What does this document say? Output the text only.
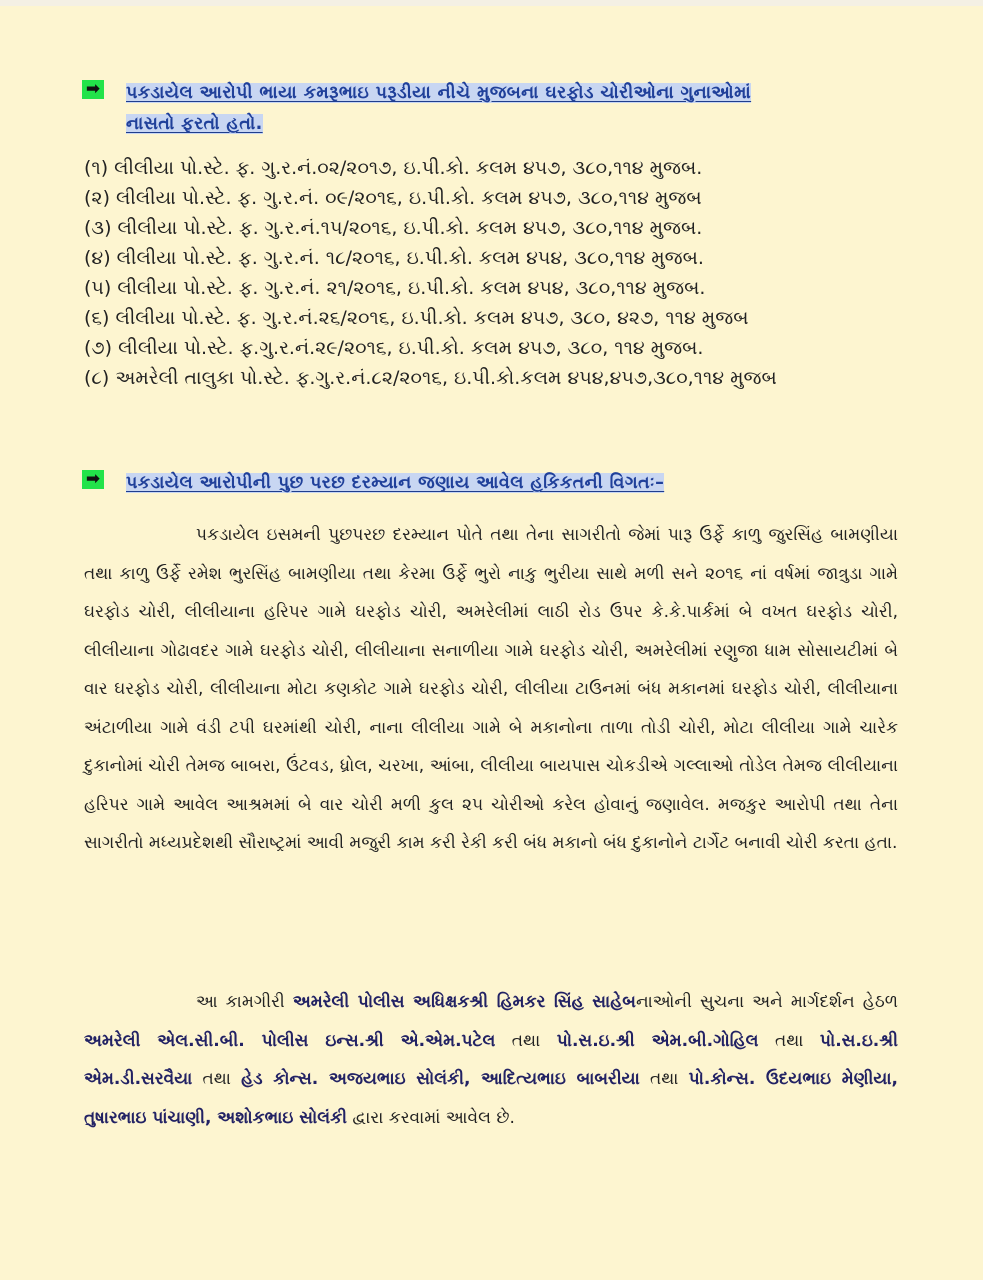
➡ પકડાયેલ આરોપી ભાયા કમરૂભાઇ પરૂડીયા નીચે મુજબના ઘરફોડ ચોરીઓના ગુનાઓમાં
નાસતો ફરતો હતો.
(૧) લીલીયા પો.સ્ટે. ફ. ગુ.ર.નં.૦૨/૨૦૧૭, ઇ.પી.કો. કલમ ૪૫૭, ૩૮૦,૧૧૪ મુજબ.
(૨) લીલીયા પો.સ્ટે. ફ. ગુ.ર.નં. ૦૯/૨૦૧૬, ઇ.પી.કો. કલમ ૪૫૭, ૩૮૦,૧૧૪ મુજબ
(૩) લીલીયા પો.સ્ટે. ફ. ગુ.ર.નં.૧૫/૨૦૧૬, ઇ.પી.કો. કલમ ૪૫૭, ૩૮૦,૧૧૪ મુજબ.
(૪) લીલીયા પો.સ્ટે. ફ. ગુ.ર.નં. ૧૮/૨૦૧૬, ઇ.પી.કો. કલમ ૪૫૪, ૩૮૦,૧૧૪ મુજબ.
(૫) લીલીયા પો.સ્ટે. ફ. ગુ.ર.નં. ૨૧/૨૦૧૬, ઇ.પી.કો. કલમ ૪૫૪, ૩૮૦,૧૧૪ મુજબ.
(૬) લીલીયા પો.સ્ટે. ફ. ગુ.ર.નં.૨૬/૨૦૧૬, ઇ.પી.કો. કલમ ૪૫૭, ૩૮૦, ૪૨૭, ૧૧૪ મુજબ
(૭) લીલીયા પો.સ્ટે. ફ.ગુ.ર.નં.૨૯/૨૦૧૬, ઇ.પી.કો. કલમ ૪૫૭, ૩૮૦, ૧૧૪ મુજબ.
(૮) અમરેલી તાલુકા પો.સ્ટે. ફ.ગુ.ર.નં.૮૨/૨૦૧૬, ઇ.પી.કો.કલમ ૪૫૪,૪૫૭,૩૮૦,૧૧૪ મુજબ
➡ પકડાયેલ આરોપીની પુછ પરછ દરમ્યાન જણાય આવેલ હકિકતની વિગતઃ–

પકડાયેલ ઇસમની પુછપરછ દરમ્યાન પોતે તથા તેના સાગરીતો જેમાં પારૂ ઉર્ફે કાળુ જુરસિંહ બામણીયા તથા કાળુ ઉર્ફે રમેશ ભુરસિંહ બામણીયા તથા કેરમા ઉર્ફે ભુરો નાકુ ભુરીયા સાથે મળી સને ૨૦૧૬ નાં વર્ષમાં જાત્રુડા ગામે ઘરફોડ ચોરી, લીલીયાના હરિપર ગામે ઘરફોડ ચોરી, અમરેલીમાં લાઠી રોડ ઉપર કે.કે.પાર્કમાં બે વખત ઘરફોડ ચોરી, લીલીયાના ગોઢાવદર ગામે ઘરફોડ ચોરી, લીલીયાના સનાળીયા ગામે ઘરફોડ ચોરી, અમરેલીમાં રણુજા ધામ સોસાયટીમાં બે વાર ઘરફોડ ચોરી, લીલીયાના મોટા કણકોટ ગામે ઘરફોડ ચોરી, લીલીયા ટાઉનમાં બંધ મકાનમાં ઘરફોડ ચોરી, લીલીયાના અંટાળીયા ગામે વંડી ટપી ઘરમાંથી ચોરી, નાના લીલીયા ગામે બે મકાનોના તાળા તોડી ચોરી, મોટા લીલીયા ગામે ચારેક દુકાનોમાં ચોરી તેમજ બાબરા, ઉંટવડ, ધ્રોલ, ચરખા, આંબા, લીલીયા બાયપાસ ચોકડીએ ગલ્લાઓ તોડેલ તેમજ લીલીયાના હરિપર ગામે આવેલ આશ્રમમાં બે વાર ચોરી મળી કુલ ૨૫ ચોરીઓ કરેલ હોવાનું જણાવેલ. મજકુર આરોપી તથા તેના સાગરીતો મધ્યપ્રદેશથી સૌરાષ્ટ્રમાં આવી મજુરી કામ કરી રેકી કરી બંધ મકાનો બંધ દુકાનોને ટાર્ગેટ બનાવી ચોરી કરતા હતા.

આ કામગીરી અમરેલી પોલીસ અધિક્ષકશ્રી હિમકર સિંહ સાહેબનાઓની સુચના અને માર્ગદર્શન હેઠળ અમરેલી એલ.સી.બી. પોલીસ ઇન્સ.શ્રી એ.એમ.પટેલ તથા પો.સ.ઇ.શ્રી એમ.બી.ગોહિલ તથા પો.સ.ઇ.શ્રી એમ.ડી.સરવૈયા તથા હેડ કોન્સ. અજયભાઇ સોલંકી, આદિત્યભાઇ બાબરીયા તથા પો.કોન્સ. ઉદયભાઇ મેણીયા, તુષારભાઇ પાંચાણી, અશોકભાઇ સોલંકી દ્વારા કરવામાં આવેલ છે.
